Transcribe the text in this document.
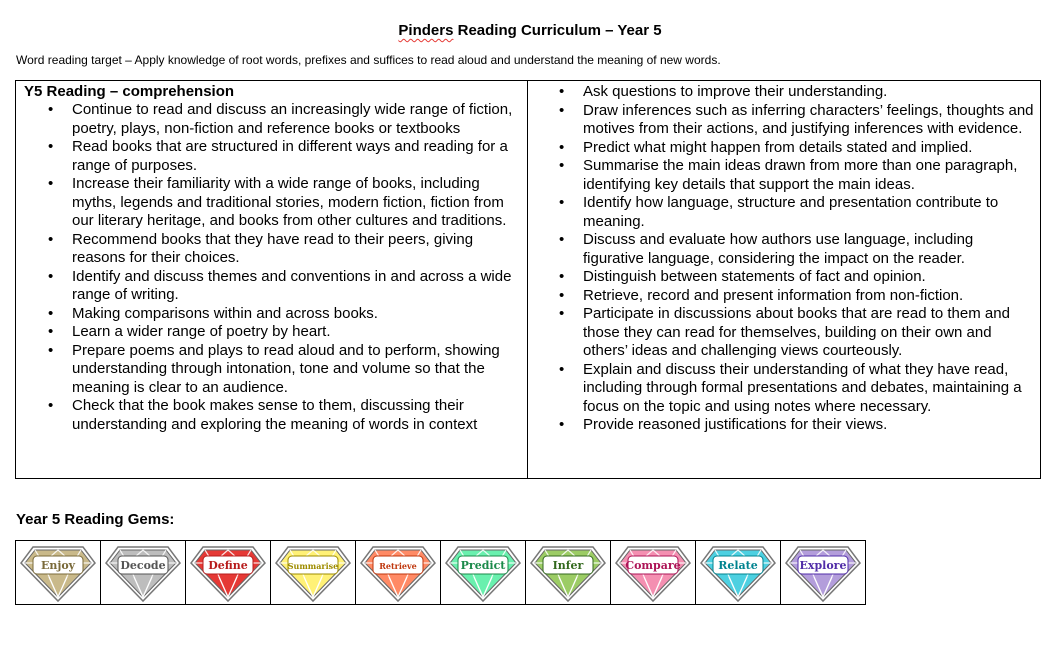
Pinders Reading Curriculum – Year 5
Word reading target – Apply knowledge of root words, prefixes and suffices to read aloud and understand the meaning of new words.
Y5 Reading – comprehension
• Continue to read and discuss an increasingly wide range of fiction, poetry, plays, non-fiction and reference books or textbooks
• Read books that are structured in different ways and reading for a range of purposes.
• Increase their familiarity with a wide range of books, including myths, legends and traditional stories, modern fiction, fiction from our literary heritage, and books from other cultures and traditions.
• Recommend books that they have read to their peers, giving reasons for their choices.
• Identify and discuss themes and conventions in and across a wide range of writing.
• Making comparisons within and across books.
• Learn a wider range of poetry by heart.
• Prepare poems and plays to read aloud and to perform, showing understanding through intonation, tone and volume so that the meaning is clear to an audience.
• Check that the book makes sense to them, discussing their understanding and exploring the meaning of words in context

• Ask questions to improve their understanding.
• Draw inferences such as inferring characters’ feelings, thoughts and motives from their actions, and justifying inferences with evidence.
• Predict what might happen from details stated and implied.
• Summarise the main ideas drawn from more than one paragraph, identifying key details that support the main ideas.
• Identify how language, structure and presentation contribute to meaning.
• Discuss and evaluate how authors use language, including figurative language, considering the impact on the reader.
• Distinguish between statements of fact and opinion.
• Retrieve, record and present information from non-fiction.
• Participate in discussions about books that are read to them and those they can read for themselves, building on their own and others’ ideas and challenging views courteously.
• Explain and discuss their understanding of what they have read, including through formal presentations and debates, maintaining a focus on the topic and using notes where necessary.
• Provide reasoned justifications for their views.
Year 5 Reading Gems:
Enjoy	Decode	Define	Summarise	Retrieve	Predict	Infer	Compare	Relate	Explore
